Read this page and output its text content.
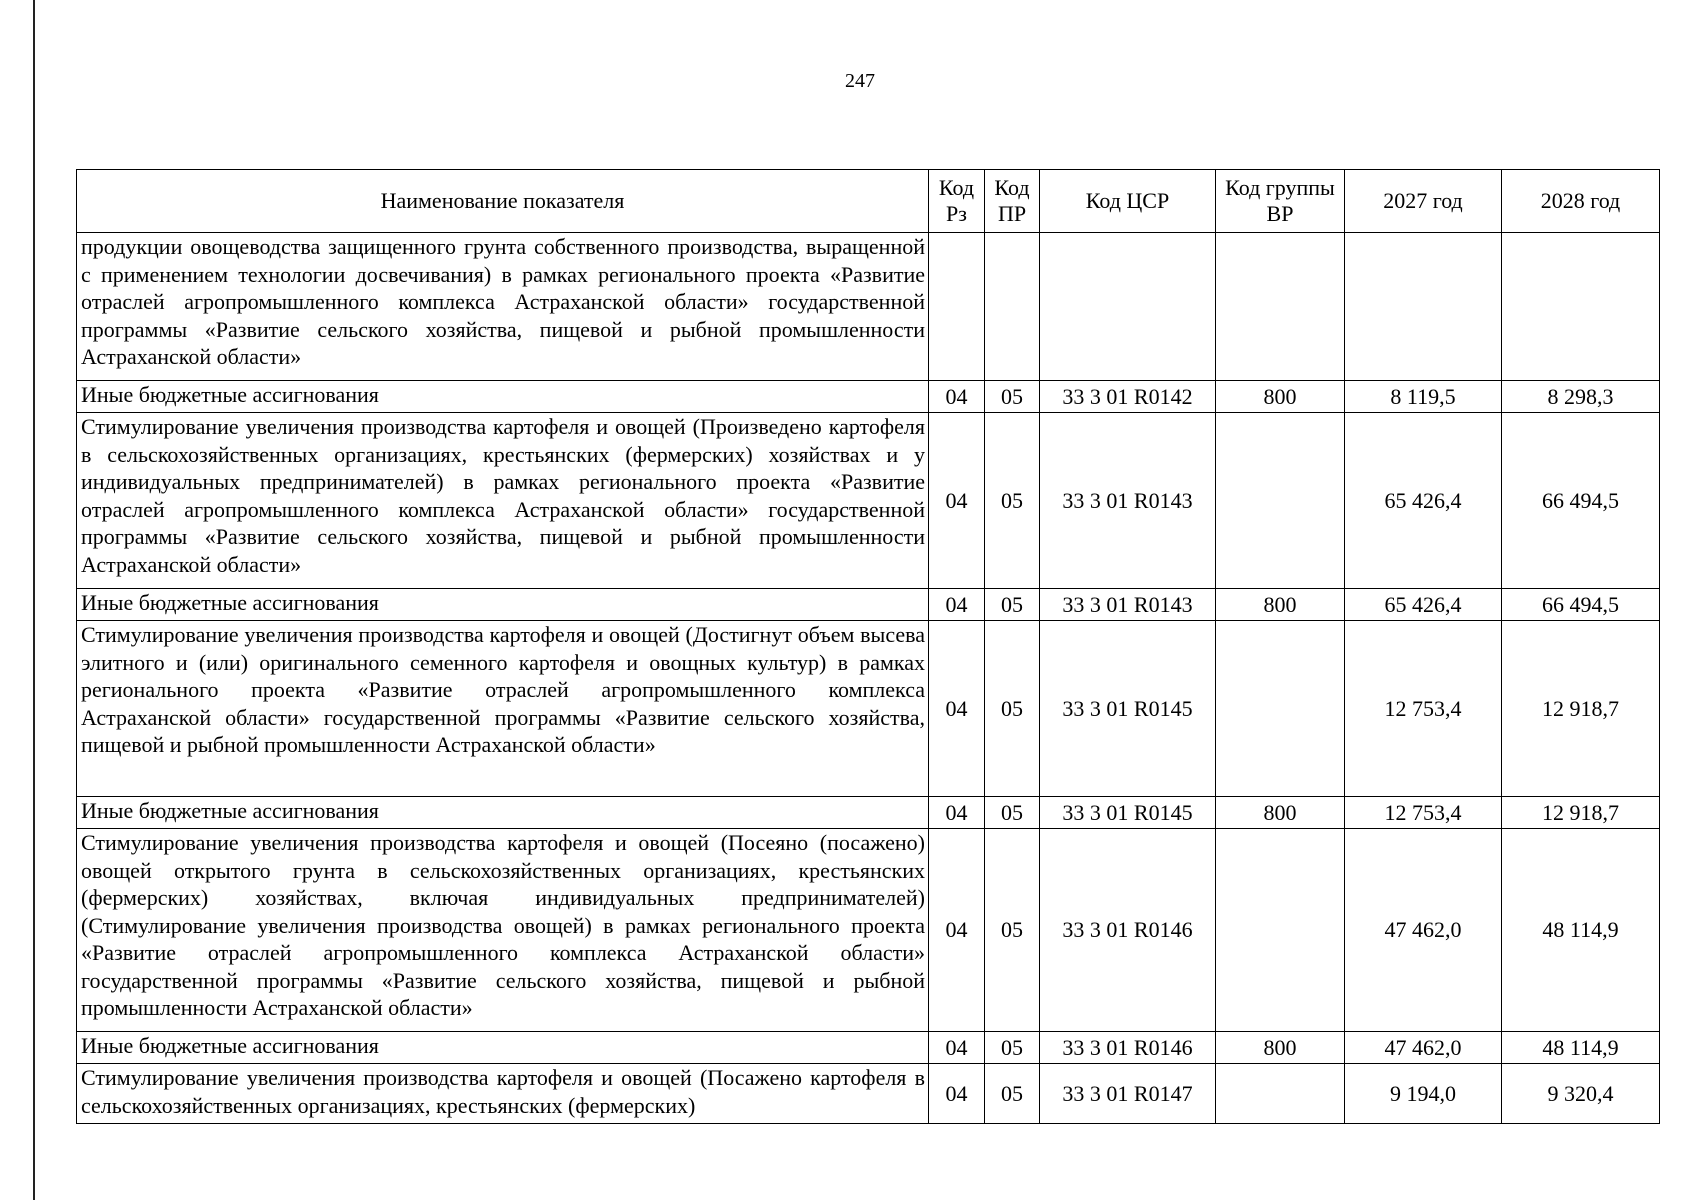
247
Наименование показателя	Код Рз	Код ПР	Код ЦСР	Код группы ВР	2027 год	2028 год
продукции овощеводства защищенного грунта собственного производства, выращенной с применением технологии досвечивания) в рамках регионального проекта «Развитие отраслей агропромышленного комплекса Астраханской области» государственной программы «Развитие сельского хозяйства, пищевой и рыбной промышленности Астраханской области»						
Иные бюджетные ассигнования	04	05	33 3 01 R0142	800	8 119,5	8 298,3
Стимулирование увеличения производства картофеля и овощей (Произведено картофеля в сельскохозяйственных организациях, крестьянских (фермерских) хозяйствах и у индивидуальных предпринимателей) в рамках регионального проекта «Развитие отраслей агропромышленного комплекса Астраханской области» государственной программы «Развитие сельского хозяйства, пищевой и рыбной промышленности Астраханской области»	04	05	33 3 01 R0143		65 426,4	66 494,5
Иные бюджетные ассигнования	04	05	33 3 01 R0143	800	65 426,4	66 494,5
Стимулирование увеличения производства картофеля и овощей (Достигнут объем высева элитного и (или) оригинального семенного картофеля и овощных культур) в рамках регионального проекта «Развитие отраслей агропромышленного комплекса Астраханской области» государственной программы «Развитие сельского хозяйства, пищевой и рыбной промышленности Астраханской области»	04	05	33 3 01 R0145		12 753,4	12 918,7
Иные бюджетные ассигнования	04	05	33 3 01 R0145	800	12 753,4	12 918,7
Стимулирование увеличения производства картофеля и овощей (Посеяно (посажено) овощей открытого грунта в сельскохозяйственных организациях, крестьянских (фермерских) хозяйствах, включая индивидуальных предпринимателей) (Стимулирование увеличения производства овощей) в рамках регионального проекта «Развитие отраслей агропромышленного комплекса Астраханской области» государственной программы «Развитие сельского хозяйства, пищевой и рыбной промышленности Астраханской области»	04	05	33 3 01 R0146		47 462,0	48 114,9
Иные бюджетные ассигнования	04	05	33 3 01 R0146	800	47 462,0	48 114,9
Стимулирование увеличения производства картофеля и овощей (Посажено картофеля в сельскохозяйственных организациях, крестьянских (фермерских)	04	05	33 3 01 R0147		9 194,0	9 320,4
